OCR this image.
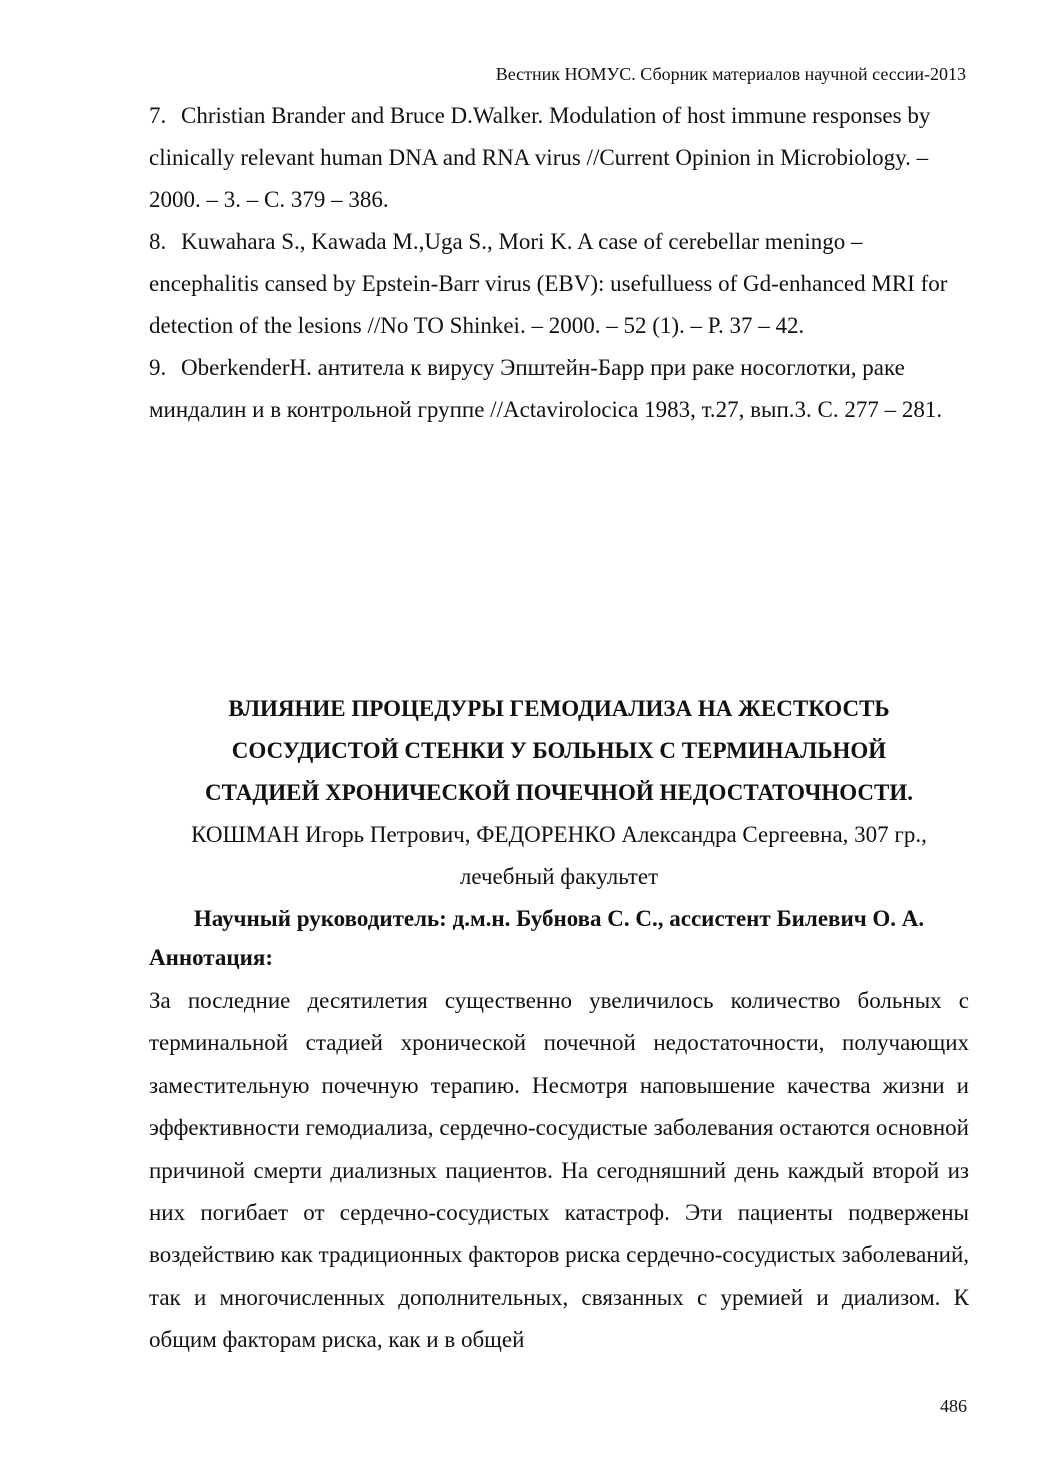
Вестник НОМУС. Сборник материалов научной сессии-2013

7. Christian Brander and Bruce D.Walker. Modulation of host immune responses by clinically relevant human DNA and RNA virus //Current Opinion in Microbiology. – 2000. – 3. – C. 379 – 386.

8. Kuwahara S., Kawada M.,Uga S., Mori K. A case of cerebellar meningo – encephalitis cansed by Epstein-Barr virus (EBV): usefulluess of Gd-enhanced MRI for detection of the lesions //No TO Shinkei. – 2000. – 52 (1). – P. 37 – 42.

9. OberkenderH. антитела к вирусу Эпштейн-Барр при раке носоглотки, раке миндалин и в контрольной группе //Actavirolocica 1983, т.27, вып.3. С. 277 – 281.

ВЛИЯНИЕ ПРОЦЕДУРЫ ГЕМОДИАЛИЗА НА ЖЕСТКОСТЬ
СОСУДИСТОЙ СТЕНКИ У БОЛЬНЫХ С ТЕРМИНАЛЬНОЙ
СТАДИЕЙ ХРОНИЧЕСКОЙ ПОЧЕЧНОЙ НЕДОСТАТОЧНОСТИ.
КОШМАН Игорь Петрович, ФЕДОРЕНКО Александра Сергеевна, 307 гр., лечебный факультет
Научный руководитель: д.м.н. Бубнова С. С., ассистент Билевич О. А.
Аннотация:

За последние десятилетия существенно увеличилось количество больных с терминальной стадией хронической почечной недостаточности, получающих заместительную почечную терапию. Несмотря наповышение качества жизни и эффективности гемодиализа, сердечно-сосудистые заболевания остаются основной причиной смерти диализных пациентов. На сегодняшний день каждый второй из них погибает от сердечно-сосудистых катастроф. Эти пациенты подвержены воздействию как традиционных факторов риска сердечно-сосудистых заболеваний, так и многочисленных дополнительных, связанных с уремией и диализом. К общим факторам риска, как и в общей

486
